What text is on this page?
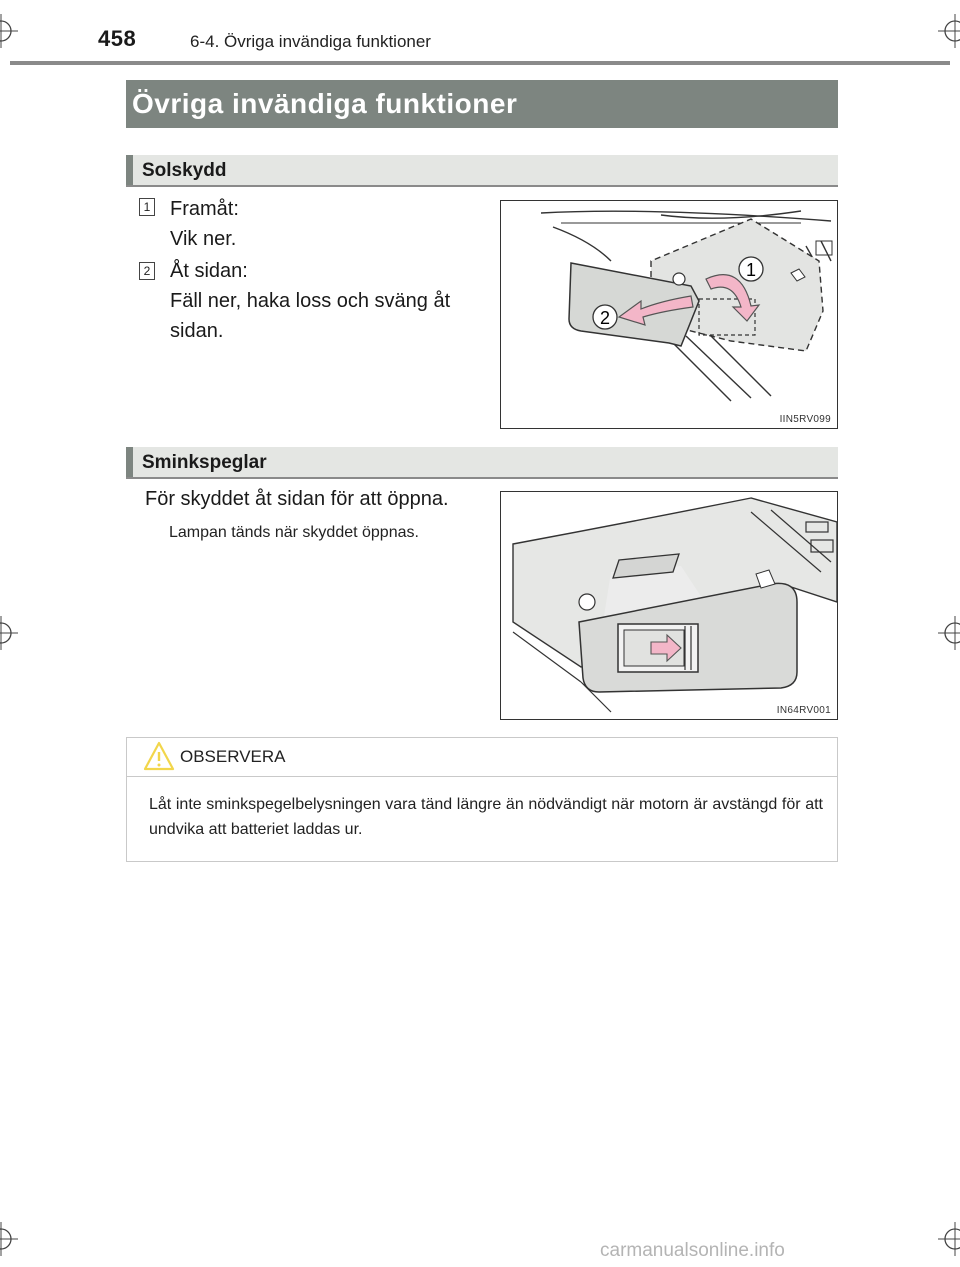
458	6-4. Övriga invändiga funktioner
Övriga invändiga funktioner
Solskydd
1 Framåt:
Vik ner.
2 Åt sidan:
Fäll ner, haka loss och sväng åt
sidan.
1
2
IIN5RV099
Sminkspeglar
För skyddet åt sidan för att öppna.
Lampan tänds när skyddet öppnas.
IN64RV001
OBSERVERA
Låt inte sminkspegelbelysningen vara tänd längre än nödvändigt när motorn är avstängd för att undvika att batteriet laddas ur.
carmanualsonline.info
